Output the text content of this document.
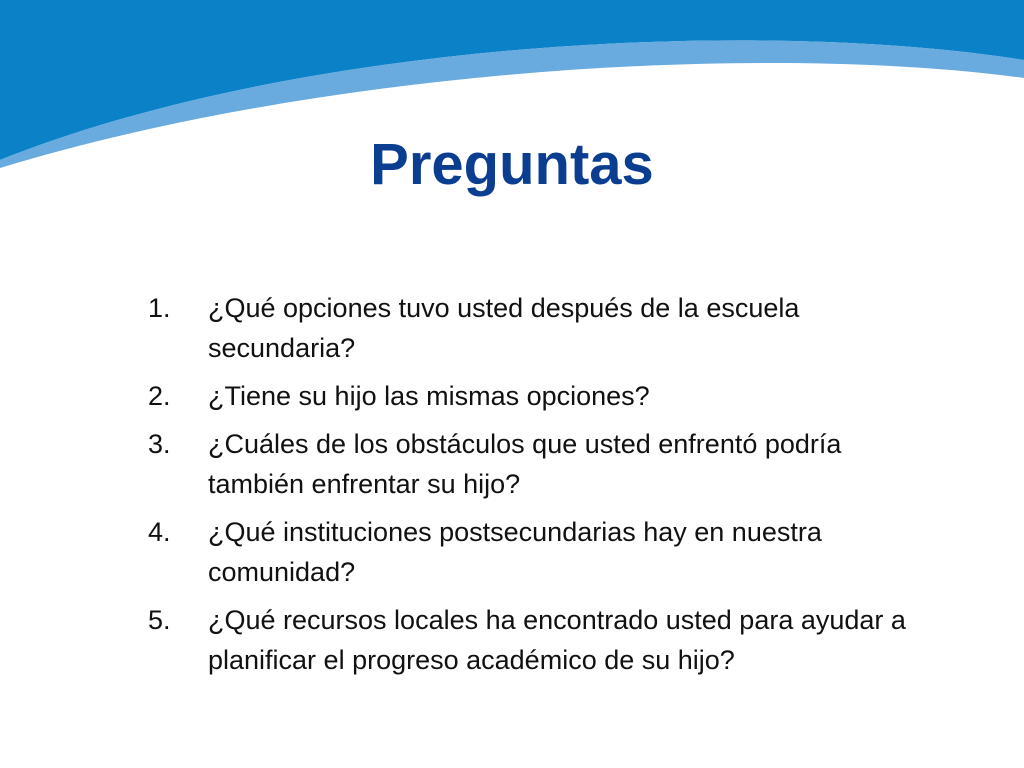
Preguntas
1.	¿Qué opciones tuvo usted después de la escuela secundaria?
2.	¿Tiene su hijo las mismas opciones?
3.	¿Cuáles de los obstáculos que usted enfrentó podría también enfrentar su hijo?
4.	¿Qué instituciones postsecundarias hay en nuestra comunidad?
5.	¿Qué recursos locales ha encontrado usted para ayudar a planificar el progreso académico de su hijo?
